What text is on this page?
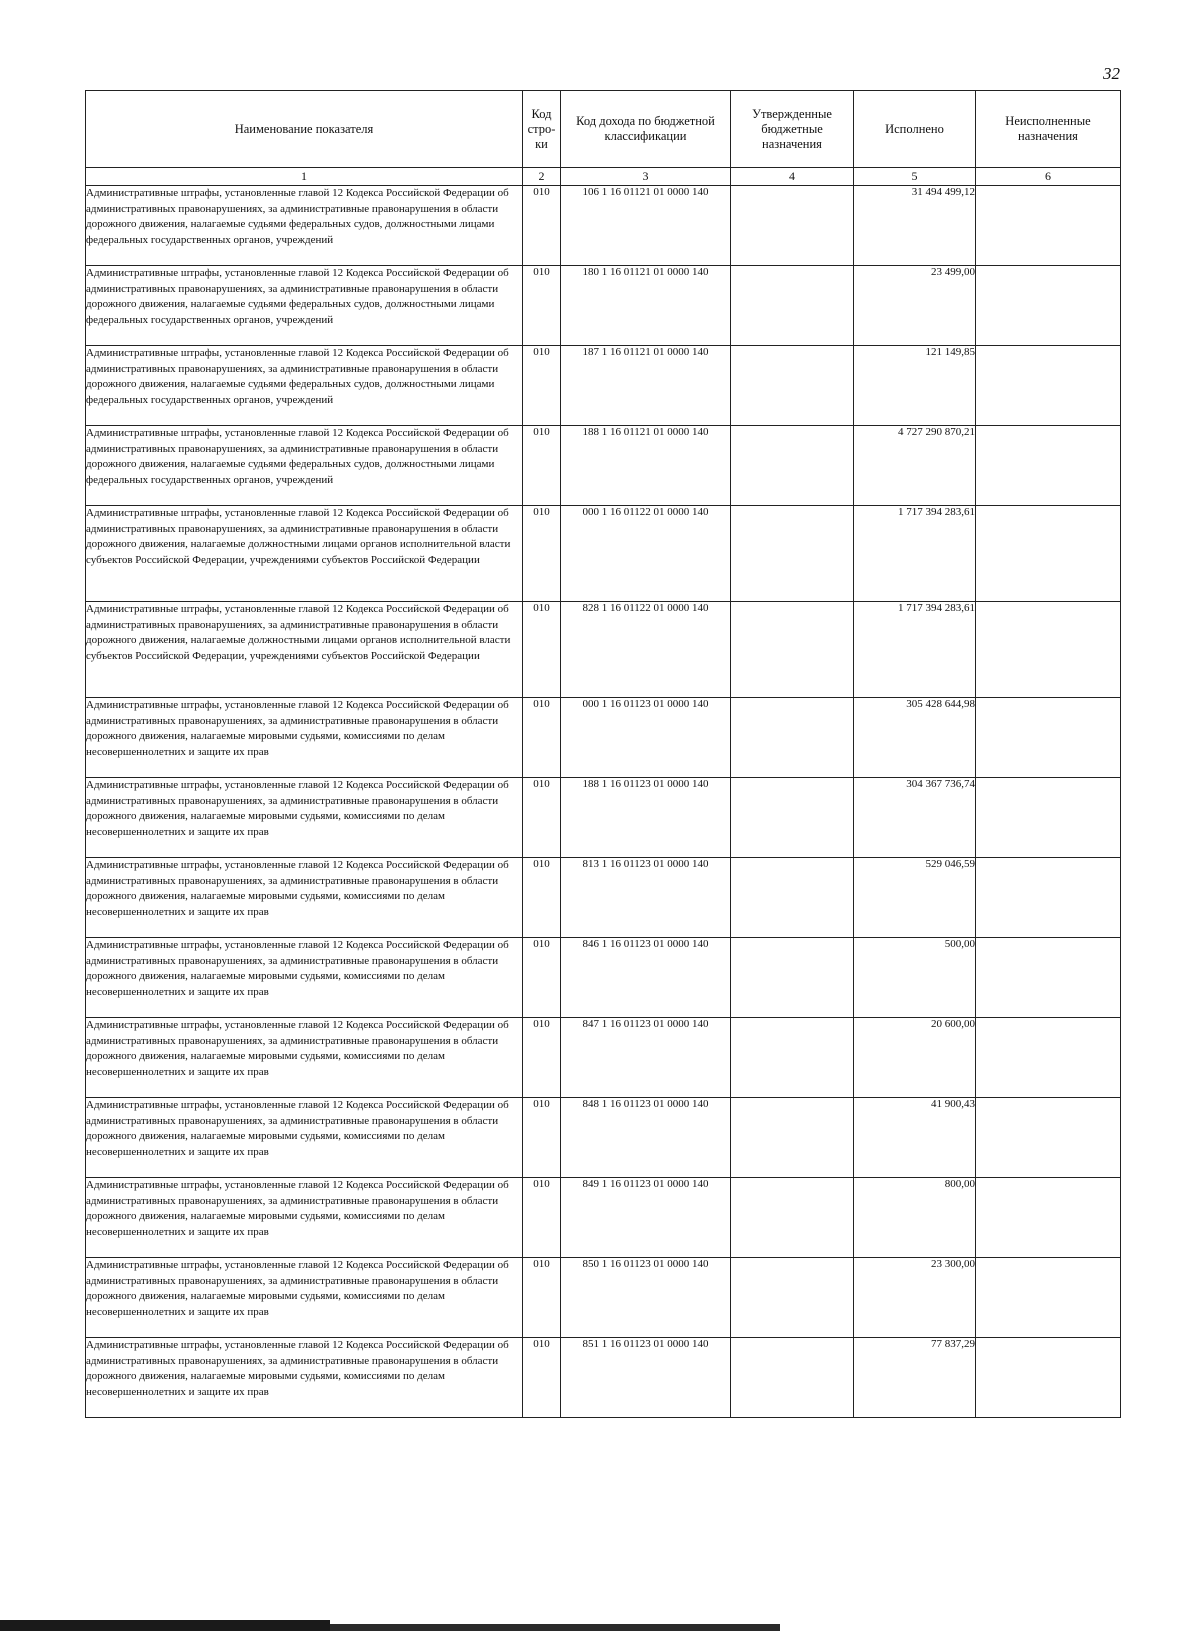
32
Наименование показателя	Код стро-ки	Код дохода по бюджетной классификации	Утвержденные бюджетные назначения	Исполнено	Неисполненные назначения
1	2	3	4	5	6
Административные штрафы, установленные главой 12 Кодекса Российской Федерации об административных правонарушениях, за административные правонарушения в области дорожного движения, налагаемые судьями федеральных судов, должностными лицами федеральных государственных органов, учреждений	010	106 1 16 01121 01 0000 140		31 494 499,12	
Административные штрафы, установленные главой 12 Кодекса Российской Федерации об административных правонарушениях, за административные правонарушения в области дорожного движения, налагаемые судьями федеральных судов, должностными лицами федеральных государственных органов, учреждений	010	180 1 16 01121 01 0000 140		23 499,00	
Административные штрафы, установленные главой 12 Кодекса Российской Федерации об административных правонарушениях, за административные правонарушения в области дорожного движения, налагаемые судьями федеральных судов, должностными лицами федеральных государственных органов, учреждений	010	187 1 16 01121 01 0000 140		121 149,85	
Административные штрафы, установленные главой 12 Кодекса Российской Федерации об административных правонарушениях, за административные правонарушения в области дорожного движения, налагаемые судьями федеральных судов, должностными лицами федеральных государственных органов, учреждений	010	188 1 16 01121 01 0000 140		4 727 290 870,21	
Административные штрафы, установленные главой 12 Кодекса Российской Федерации об административных правонарушениях, за административные правонарушения в области дорожного движения, налагаемые должностными лицами органов исполнительной власти субъектов Российской Федерации, учреждениями субъектов Российской Федерации	010	000 1 16 01122 01 0000 140		1 717 394 283,61	
Административные штрафы, установленные главой 12 Кодекса Российской Федерации об административных правонарушениях, за административные правонарушения в области дорожного движения, налагаемые должностными лицами органов исполнительной власти субъектов Российской Федерации, учреждениями субъектов Российской Федерации	010	828 1 16 01122 01 0000 140		1 717 394 283,61	
Административные штрафы, установленные главой 12 Кодекса Российской Федерации об административных правонарушениях, за административные правонарушения в области дорожного движения, налагаемые мировыми судьями, комиссиями по делам несовершеннолетних и защите их прав	010	000 1 16 01123 01 0000 140		305 428 644,98	
Административные штрафы, установленные главой 12 Кодекса Российской Федерации об административных правонарушениях, за административные правонарушения в области дорожного движения, налагаемые мировыми судьями, комиссиями по делам несовершеннолетних и защите их прав	010	188 1 16 01123 01 0000 140		304 367 736,74	
Административные штрафы, установленные главой 12 Кодекса Российской Федерации об административных правонарушениях, за административные правонарушения в области дорожного движения, налагаемые мировыми судьями, комиссиями по делам несовершеннолетних и защите их прав	010	813 1 16 01123 01 0000 140		529 046,59	
Административные штрафы, установленные главой 12 Кодекса Российской Федерации об административных правонарушениях, за административные правонарушения в области дорожного движения, налагаемые мировыми судьями, комиссиями по делам несовершеннолетних и защите их прав	010	846 1 16 01123 01 0000 140		500,00	
Административные штрафы, установленные главой 12 Кодекса Российской Федерации об административных правонарушениях, за административные правонарушения в области дорожного движения, налагаемые мировыми судьями, комиссиями по делам несовершеннолетних и защите их прав	010	847 1 16 01123 01 0000 140		20 600,00	
Административные штрафы, установленные главой 12 Кодекса Российской Федерации об административных правонарушениях, за административные правонарушения в области дорожного движения, налагаемые мировыми судьями, комиссиями по делам несовершеннолетних и защите их прав	010	848 1 16 01123 01 0000 140		41 900,43	
Административные штрафы, установленные главой 12 Кодекса Российской Федерации об административных правонарушениях, за административные правонарушения в области дорожного движения, налагаемые мировыми судьями, комиссиями по делам несовершеннолетних и защите их прав	010	849 1 16 01123 01 0000 140		800,00	
Административные штрафы, установленные главой 12 Кодекса Российской Федерации об административных правонарушениях, за административные правонарушения в области дорожного движения, налагаемые мировыми судьями, комиссиями по делам несовершеннолетних и защите их прав	010	850 1 16 01123 01 0000 140		23 300,00	
Административные штрафы, установленные главой 12 Кодекса Российской Федерации об административных правонарушениях, за административные правонарушения в области дорожного движения, налагаемые мировыми судьями, комиссиями по делам несовершеннолетних и защите их прав	010	851 1 16 01123 01 0000 140		77 837,29	
